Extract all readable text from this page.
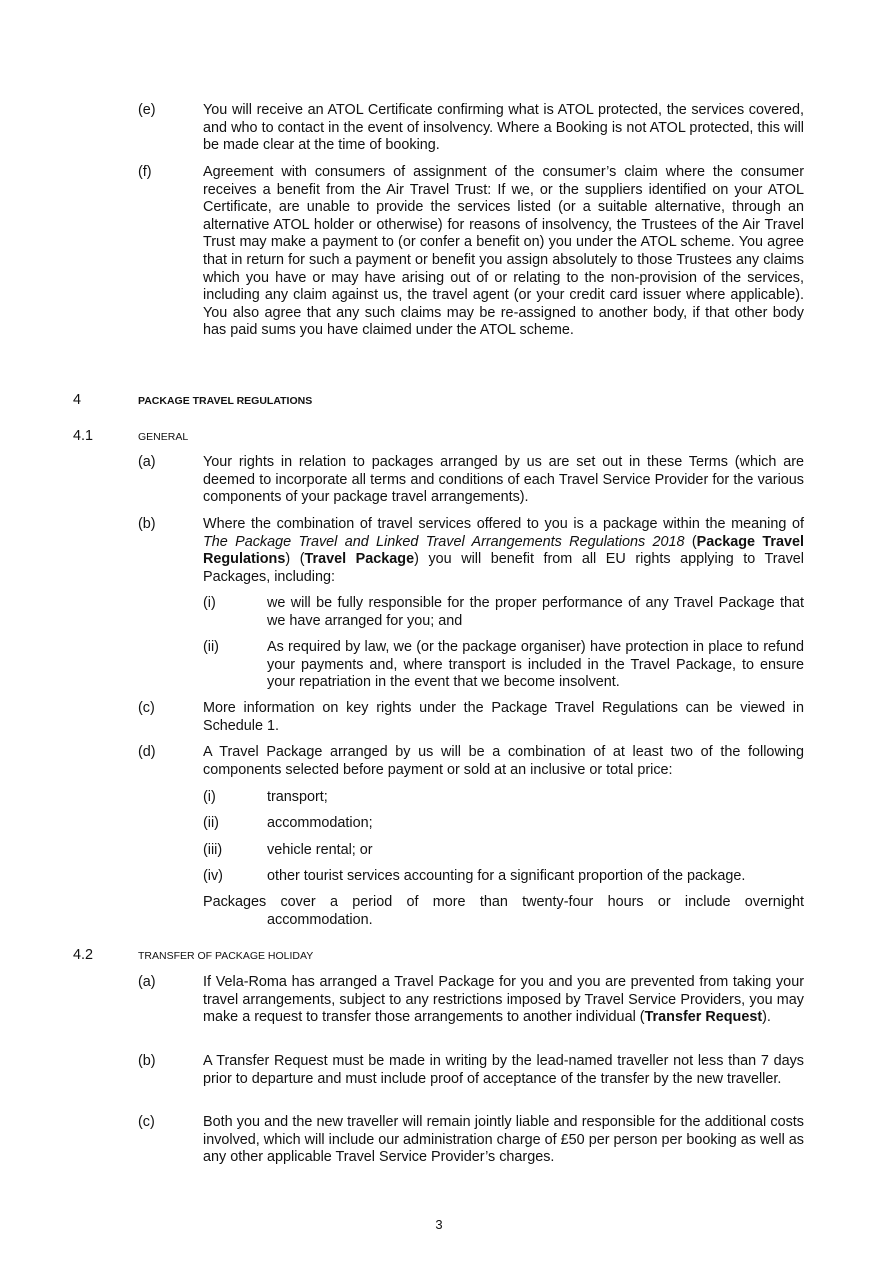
(e)	You will receive an ATOL Certificate confirming what is ATOL protected, the services covered, and who to contact in the event of insolvency. Where a Booking is not ATOL protected, this will be made clear at the time of booking.
(f)	Agreement with consumers of assignment of the consumer’s claim where the consumer receives a benefit from the Air Travel Trust: If we, or the suppliers identified on your ATOL Certificate, are unable to provide the services listed (or a suitable alternative, through an alternative ATOL holder or otherwise) for reasons of insolvency, the Trustees of the Air Travel Trust may make a payment to (or confer a benefit on) you under the ATOL scheme. You agree that in return for such a payment or benefit you assign absolutely to those Trustees any claims which you have or may have arising out of or relating to the non-provision of the services, including any claim against us, the travel agent (or your credit card issuer where applicable). You also agree that any such claims may be re-assigned to another body, if that other body has paid sums you have claimed under the ATOL scheme.
4	PACKAGE TRAVEL REGULATIONS
4.1	GENERAL
(a)	Your rights in relation to packages arranged by us are set out in these Terms (which are deemed to incorporate all terms and conditions of each Travel Service Provider for the various components of your package travel arrangements).
(b)	Where the combination of travel services offered to you is a package within the meaning of The Package Travel and Linked Travel Arrangements Regulations 2018 (Package Travel Regulations) (Travel Package) you will benefit from all EU rights applying to Travel Packages, including:
(i)	we will be fully responsible for the proper performance of any Travel Package that we have arranged for you; and
(ii)	As required by law, we (or the package organiser) have protection in place to refund your payments and, where transport is included in the Travel Package, to ensure your repatriation in the event that we become insolvent.
(c)	More information on key rights under the Package Travel Regulations can be viewed in Schedule 1.
(d)	A Travel Package arranged by us will be a combination of at least two of the following components selected before payment or sold at an inclusive or total price:
(i)	transport;
(ii)	accommodation;
(iii)	vehicle rental; or
(iv)	other tourist services accounting for a significant proportion of the package.
Packages cover a period of more than twenty-four hours or include overnight
accommodation.
4.2	TRANSFER OF PACKAGE HOLIDAY
(a)	If Vela-Roma has arranged a Travel Package for you and you are prevented from taking your travel arrangements, subject to any restrictions imposed by Travel Service Providers, you may make a request to transfer those arrangements to another individual (Transfer Request).
(b)	A Transfer Request must be made in writing by the lead-named traveller not less than 7 days prior to departure and must include proof of acceptance of the transfer by the new traveller.
(c)	Both you and the new traveller will remain jointly liable and responsible for the additional costs involved, which will include our administration charge of £50 per person per booking as well as any other applicable Travel Service Provider’s charges.
3
